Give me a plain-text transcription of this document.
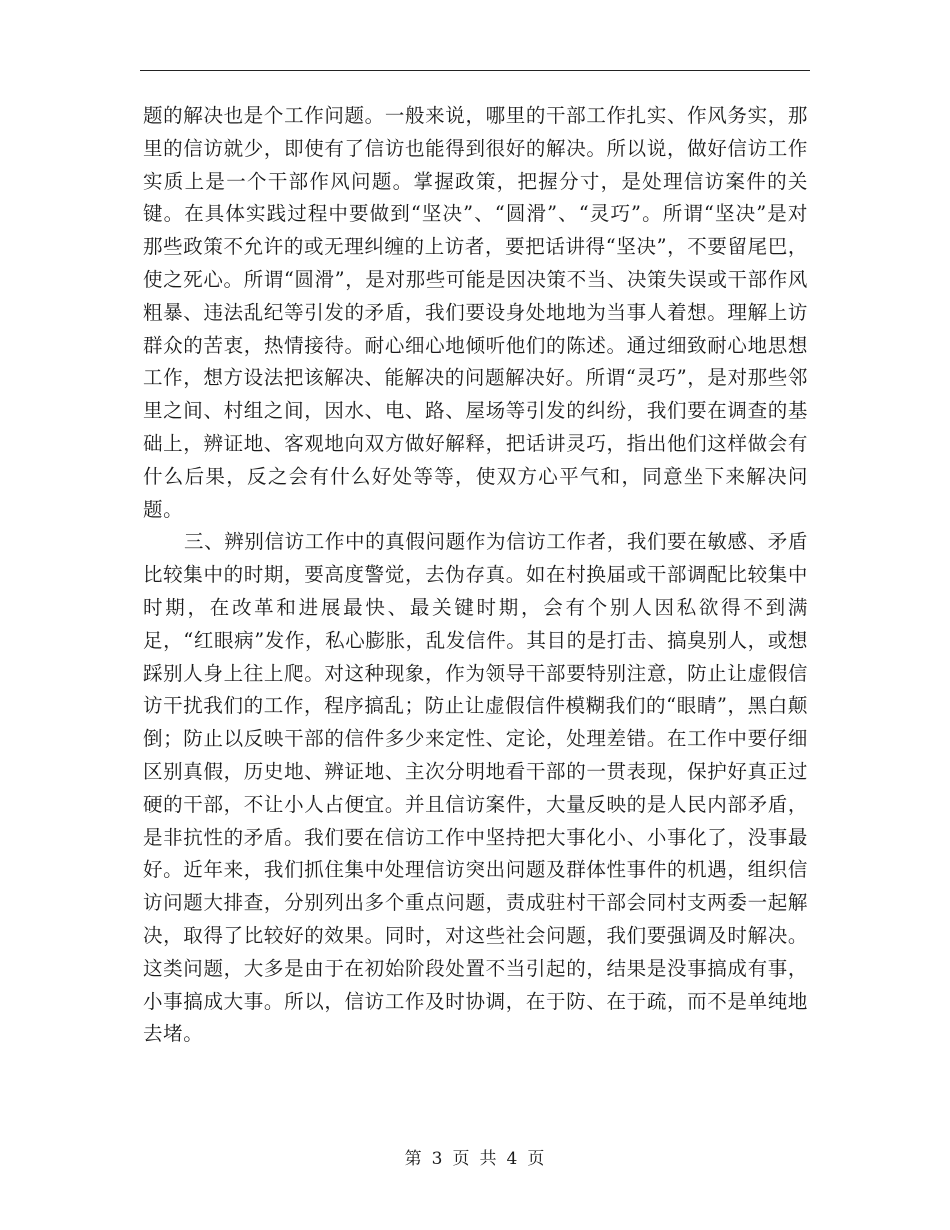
题的解决也是个工作问题。一般来说，哪里的干部工作扎实、作风务实，那里的信访就少，即使有了信访也能得到很好的解决。所以说，做好信访工作实质上是一个干部作风问题。掌握政策，把握分寸，是处理信访案件的关键。在具体实践过程中要做到“坚决”、“圆滑”、“灵巧”。所谓“坚决”是对那些政策不允许的或无理纠缠的上访者，要把话讲得“坚决”，不要留尾巴，使之死心。所谓“圆滑”，是对那些可能是因决策不当、决策失误或干部作风粗暴、违法乱纪等引发的矛盾，我们要设身处地地为当事人着想。理解上访群众的苦衷，热情接待。耐心细心地倾听他们的陈述。通过细致耐心地思想工作，想方设法把该解决、能解决的问题解决好。所谓“灵巧”，是对那些邻里之间、村组之间，因水、电、路、屋场等引发的纠纷，我们要在调查的基础上，辨证地、客观地向双方做好解释，把话讲灵巧，指出他们这样做会有什么后果，反之会有什么好处等等，使双方心平气和，同意坐下来解决问题。

三、辨别信访工作中的真假问题作为信访工作者，我们要在敏感、矛盾比较集中的时期，要高度警觉，去伪存真。如在村换届或干部调配比较集中时期，在改革和进展最快、最关键时期，会有个别人因私欲得不到满足，“红眼病”发作，私心膨胀，乱发信件。其目的是打击、搞臭别人，或想踩别人身上往上爬。对这种现象，作为领导干部要特别注意，防止让虚假信访干扰我们的工作，程序搞乱；防止让虚假信件模糊我们的“眼睛”，黑白颠倒；防止以反映干部的信件多少来定性、定论，处理差错。在工作中要仔细区别真假，历史地、辨证地、主次分明地看干部的一贯表现，保护好真正过硬的干部，不让小人占便宜。并且信访案件，大量反映的是人民内部矛盾，是非抗性的矛盾。我们要在信访工作中坚持把大事化小、小事化了，没事最好。近年来，我们抓住集中处理信访突出问题及群体性事件的机遇，组织信访问题大排查，分别列出多个重点问题，责成驻村干部会同村支两委一起解决，取得了比较好的效果。同时，对这些社会问题，我们要强调及时解决。这类问题，大多是由于在初始阶段处置不当引起的，结果是没事搞成有事，小事搞成大事。所以，信访工作及时协调，在于防、在于疏，而不是单纯地去堵。

第 3 页 共 4 页
